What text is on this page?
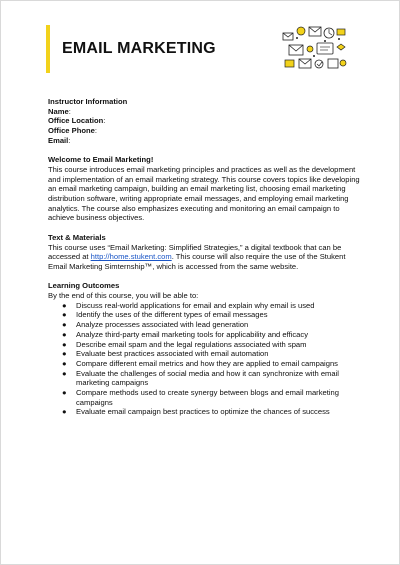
EMAIL MARKETING
Instructor Information
Name:
Office Location:
Office Phone:
Email:
Welcome to Email Marketing!

This course introduces email marketing principles and practices as well as the development and implementation of an email marketing strategy. This course covers topics like developing an email marketing campaign, building an email marketing list, choosing email marketing distribution software, writing appropriate email messages, and employing email marketing analytics. The course also emphasizes executing and monitoring an email campaign to achieve business objectives.

Text & Materials

This course uses “Email Marketing: Simplified Strategies,” a digital textbook that can be accessed at http://home.stukent.com. This course will also require the use of the Stukent Email Marketing Simternship™, which is accessed from the same website.

Learning Outcomes
By the end of this course, you will be able to:
● Discuss real-world applications for email and explain why email is used
● Identify the uses of the different types of email messages
● Analyze processes associated with lead generation
● Analyze third-party email marketing tools for applicability and efficacy
● Describe email spam and the legal regulations associated with spam
● Evaluate best practices associated with email automation
● Compare different email metrics and how they are applied to email campaigns
● Evaluate the challenges of social media and how it can synchronize with email marketing campaigns
● Compare methods used to create synergy between blogs and email marketing campaigns
● Evaluate email campaign best practices to optimize the chances of success
